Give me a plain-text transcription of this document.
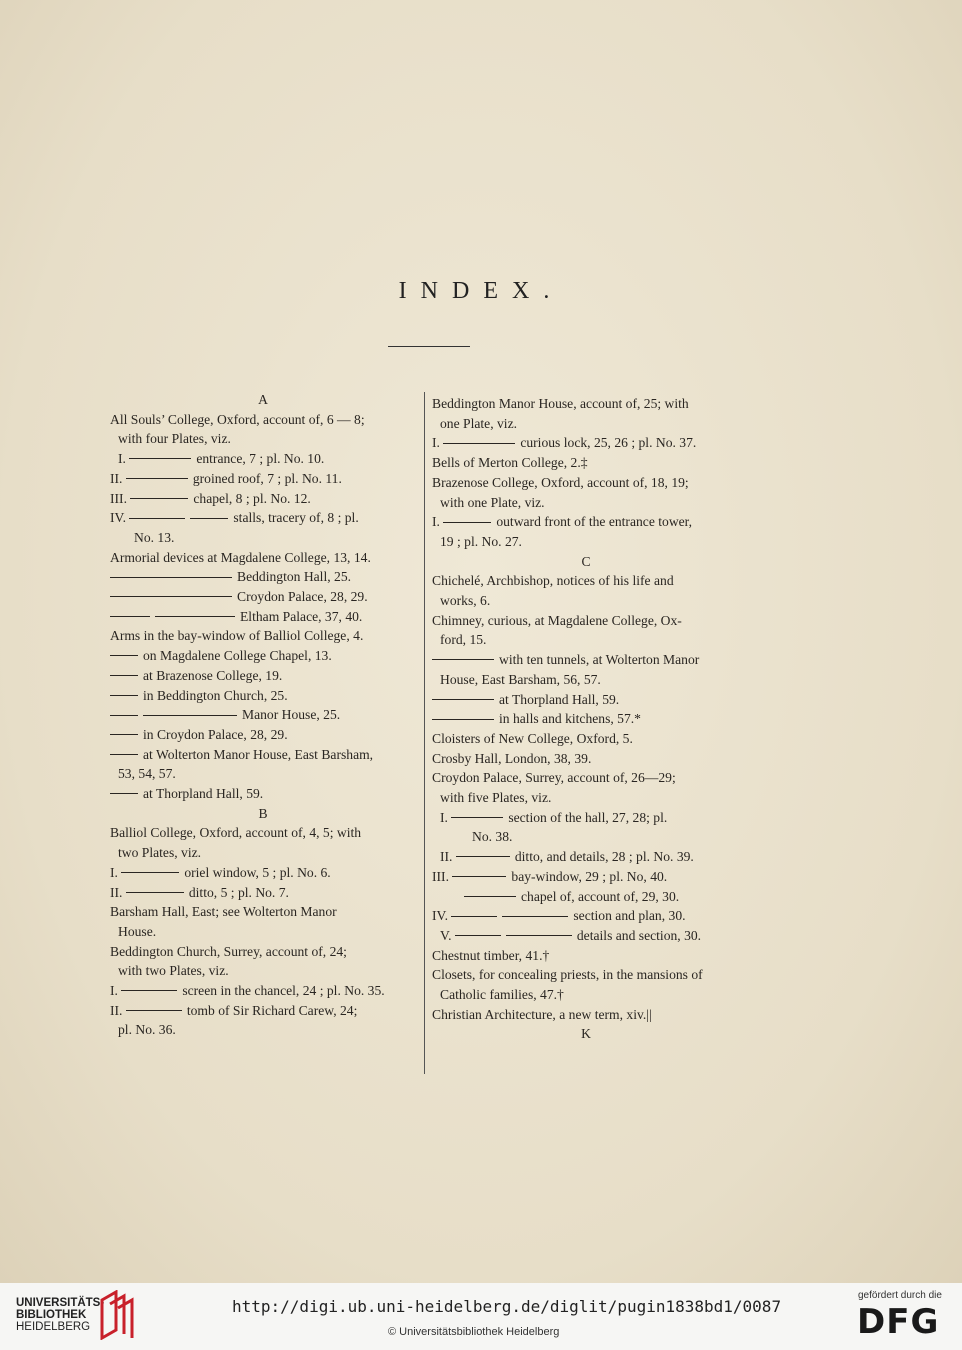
INDEX.
A
All Souls’ College, Oxford, account of, 6 — 8;
with four Plates, viz.
I.	entrance, 7 ; pl. No. 10.
II.	groined roof, 7 ; pl. No. 11.
III.	chapel, 8 ; pl. No. 12.
IV.	stalls, tracery of, 8 ; pl.
No. 13.
Armorial devices at Magdalene College, 13, 14.
Beddington Hall, 25.
Croydon Palace, 28, 29.
Eltham Palace, 37, 40.
Arms in the bay-window of Balliol College, 4.
on Magdalene College Chapel, 13.
at Brazenose College, 19.
in Beddington Church, 25.
Manor House, 25.
in Croydon Palace, 28, 29.
at Wolterton Manor House, East Barsham,
53, 54, 57.
at Thorpland Hall, 59.
B
Balliol College, Oxford, account of, 4, 5; with
two Plates, viz.
I.	oriel window, 5 ; pl. No. 6.
II.	ditto, 5 ; pl. No. 7.
Barsham Hall, East; see Wolterton Manor
House.
Beddington Church, Surrey, account of, 24;
with two Plates, viz.
I.	screen in the chancel, 24 ; pl. No. 35.
II.	tomb of Sir Richard Carew, 24;
pl. No. 36.
Beddington Manor House, account of, 25; with
one Plate, viz.
I.	curious lock, 25, 26 ; pl. No. 37.
Bells of Merton College, 2.‡
Brazenose College, Oxford, account of, 18, 19;
with one Plate, viz.
I.	outward front of the entrance tower,
19 ; pl. No. 27.
C
Chichelé, Archbishop, notices of his life and
works, 6.
Chimney, curious, at Magdalene College, Ox-
ford, 15.
with ten tunnels, at Wolterton Manor
House, East Barsham, 56, 57.
at Thorpland Hall, 59.
in halls and kitchens, 57.*
Cloisters of New College, Oxford, 5.
Crosby Hall, London, 38, 39.
Croydon Palace, Surrey, account of, 26—29;
with five Plates, viz.
I.	section of the hall, 27, 28; pl.
No. 38.
II.	ditto, and details, 28 ; pl. No. 39.
III.	bay-window, 29 ; pl. No, 40.
chapel of, account of, 29, 30.
IV.	section and plan, 30.
V.	details and section, 30.
Chestnut timber, 41.†
Closets, for concealing priests, in the mansions of
Catholic families, 47.†
Christian Architecture, a new term, xiv.||
K
UNIVERSITÄTS-
BIBLIOTHEK
HEIDELBERG
http://digi.ub.uni-heidelberg.de/diglit/pugin1838bd1/0087
© Universitätsbibliothek Heidelberg
gefördert durch die
DFG
